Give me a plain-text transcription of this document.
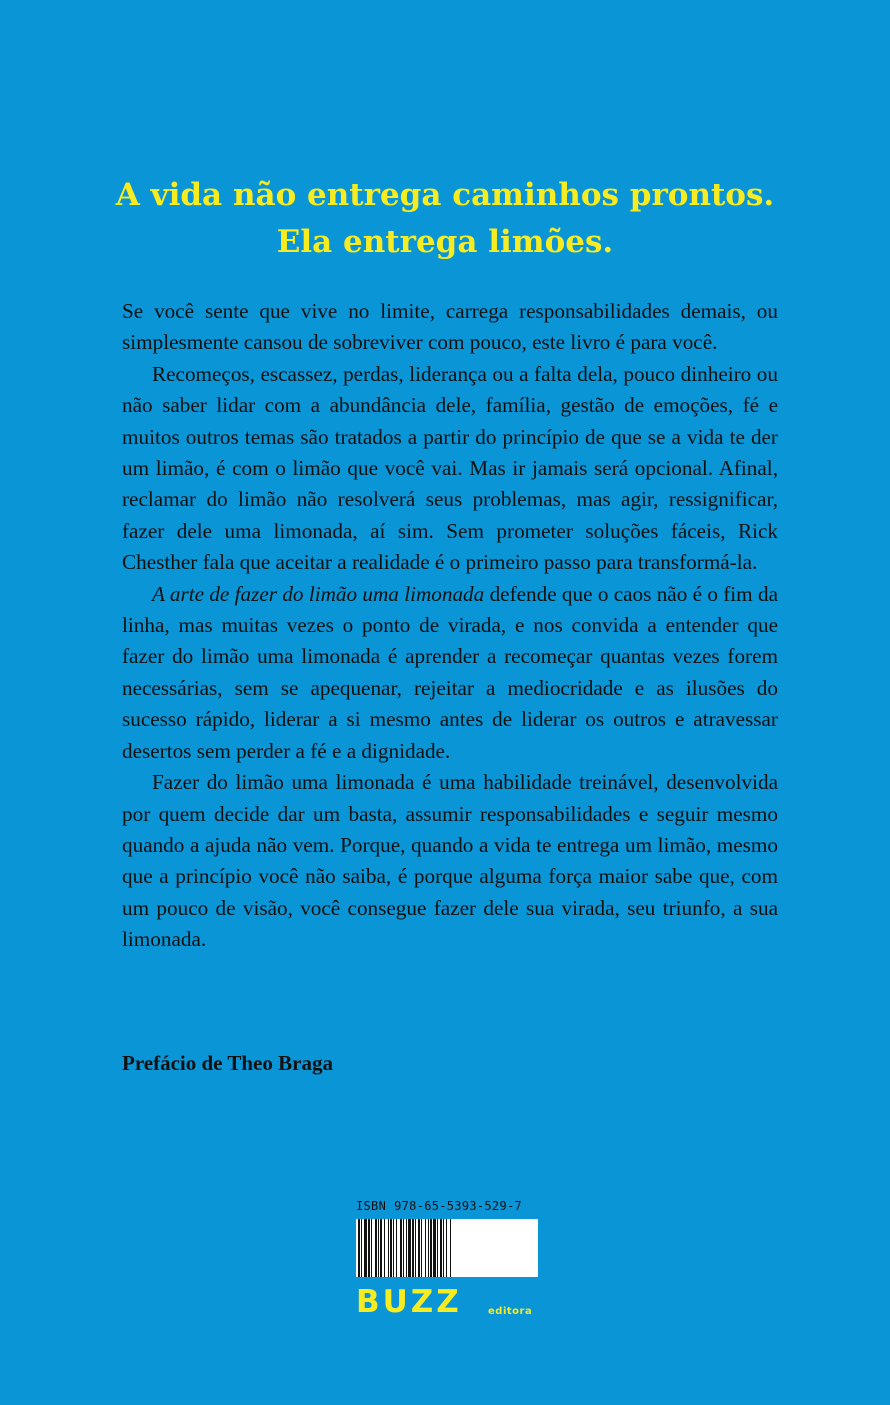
A vida não entrega caminhos prontos.
Ela entrega limões.

Se você sente que vive no limite, carrega responsabilidades demais, ou simplesmente cansou de sobreviver com pouco, este livro é para você.

Recomeços, escassez, perdas, liderança ou a falta dela, pouco dinheiro ou não saber lidar com a abundância dele, família, gestão de emoções, fé e muitos outros temas são tratados a partir do princípio de que se a vida te der um limão, é com o limão que você vai. Mas ir jamais será opcional. Afinal, reclamar do limão não resolverá seus problemas, mas agir, ressignificar, fazer dele uma limonada, aí sim. Sem prometer soluções fáceis, Rick Chesther fala que aceitar a realidade é o primeiro passo para transformá-la.

A arte de fazer do limão uma limonada defende que o caos não é o fim da linha, mas muitas vezes o ponto de virada, e nos convida a entender que fazer do limão uma limonada é aprender a recomeçar quantas vezes forem necessárias, sem se apequenar, rejeitar a mediocridade e as ilusões do sucesso rápido, liderar a si mesmo antes de liderar os outros e atravessar desertos sem perder a fé e a dignidade.

Fazer do limão uma limonada é uma habilidade treinável, desenvolvida por quem decide dar um basta, assumir responsabilidades e seguir mesmo quando a ajuda não vem. Porque, quando a vida te entrega um limão, mesmo que a princípio você não saiba, é porque alguma força maior sabe que, com um pouco de visão, você consegue fazer dele sua virada, seu triunfo, a sua limonada.

Prefácio de Theo Braga

ISBN 978-65-5393-529-7
BUZZ	editora
